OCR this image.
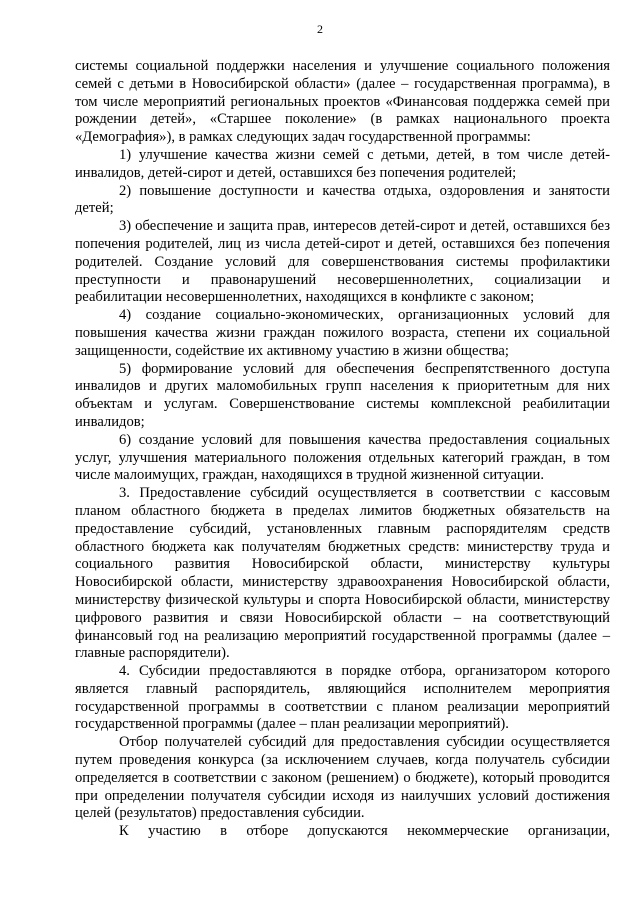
2

системы социальной поддержки населения и улучшение социального положения семей с детьми в Новосибирской области» (далее – государственная программа), в том числе мероприятий региональных проектов «Финансовая поддержка семей при рождении детей», «Старшее поколение» (в рамках национального проекта «Демография»), в рамках следующих задач государственной программы:

1) улучшение качества жизни семей с детьми, детей, в том числе детей-инвалидов, детей-сирот и детей, оставшихся без попечения родителей;

2) повышение доступности и качества отдыха, оздоровления и занятости детей;

3) обеспечение и защита прав, интересов детей-сирот и детей, оставшихся без попечения родителей, лиц из числа детей-сирот и детей, оставшихся без попечения родителей. Создание условий для совершенствования системы профилактики преступности и правонарушений несовершеннолетних, социализации и реабилитации несовершеннолетних, находящихся в конфликте с законом;

4) создание социально-экономических, организационных условий для повышения качества жизни граждан пожилого возраста, степени их социальной защищенности, содействие их активному участию в жизни общества;

5) формирование условий для обеспечения беспрепятственного доступа инвалидов и других маломобильных групп населения к приоритетным для них объектам и услугам. Совершенствование системы комплексной реабилитации инвалидов;

6) создание условий для повышения качества предоставления социальных услуг, улучшения материального положения отдельных категорий граждан, в том числе малоимущих, граждан, находящихся в трудной жизненной ситуации.

3. Предоставление субсидий осуществляется в соответствии с кассовым планом областного бюджета в пределах лимитов бюджетных обязательств на предоставление субсидий, установленных главным распорядителям средств областного бюджета как получателям бюджетных средств: министерству труда и социального развития Новосибирской области, министерству культуры Новосибирской области, министерству здравоохранения Новосибирской области, министерству физической культуры и спорта Новосибирской области, министерству цифрового развития и связи Новосибирской области – на соответствующий финансовый год на реализацию мероприятий государственной программы (далее – главные распорядители).

4. Субсидии предоставляются в порядке отбора, организатором которого является главный распорядитель, являющийся исполнителем мероприятия государственной программы в соответствии с планом реализации мероприятий государственной программы (далее – план реализации мероприятий).

Отбор получателей субсидий для предоставления субсидии осуществляется путем проведения конкурса (за исключением случаев, когда получатель субсидии определяется в соответствии с законом (решением) о бюджете), который проводится при определении получателя субсидии исходя из наилучших условий достижения целей (результатов) предоставления субсидии.

К участию в отборе допускаются некоммерческие организации,
